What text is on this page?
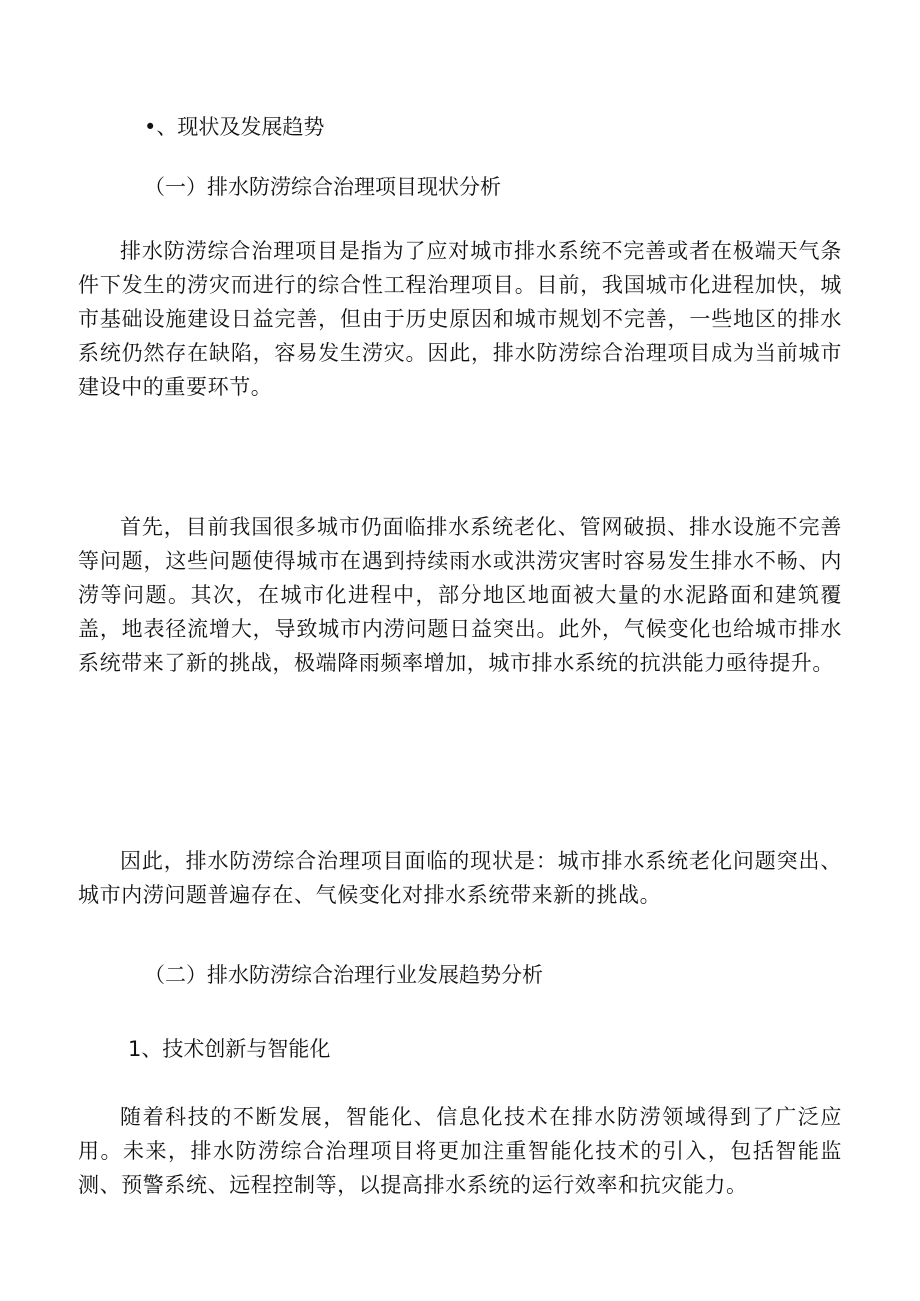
•、现状及发展趋势
（一）排水防涝综合治理项目现状分析

排水防涝综合治理项目是指为了应对城市排水系统不完善或者在极端天气条件下发生的涝灾而进行的综合性工程治理项目。目前，我国城市化进程加快，城市基础设施建设日益完善，但由于历史原因和城市规划不完善，一些地区的排水系统仍然存在缺陷，容易发生涝灾。因此，排水防涝综合治理项目成为当前城市建设中的重要环节。

首先，目前我国很多城市仍面临排水系统老化、管网破损、排水设施不完善等问题，这些问题使得城市在遇到持续雨水或洪涝灾害时容易发生排水不畅、内涝等问题。其次，在城市化进程中，部分地区地面被大量的水泥路面和建筑覆盖，地表径流增大，导致城市内涝问题日益突出。此外，气候变化也给城市排水系统带来了新的挑战，极端降雨频率增加，城市排水系统的抗洪能力亟待提升。

因此，排水防涝综合治理项目面临的现状是：城市排水系统老化问题突出、城市内涝问题普遍存在、气候变化对排水系统带来新的挑战。

（二）排水防涝综合治理行业发展趋势分析
1、技术创新与智能化

随着科技的不断发展，智能化、信息化技术在排水防涝领域得到了广泛应用。未来，排水防涝综合治理项目将更加注重智能化技术的引入，包括智能监测、预警系统、远程控制等，以提高排水系统的运行效率和抗灾能力。
